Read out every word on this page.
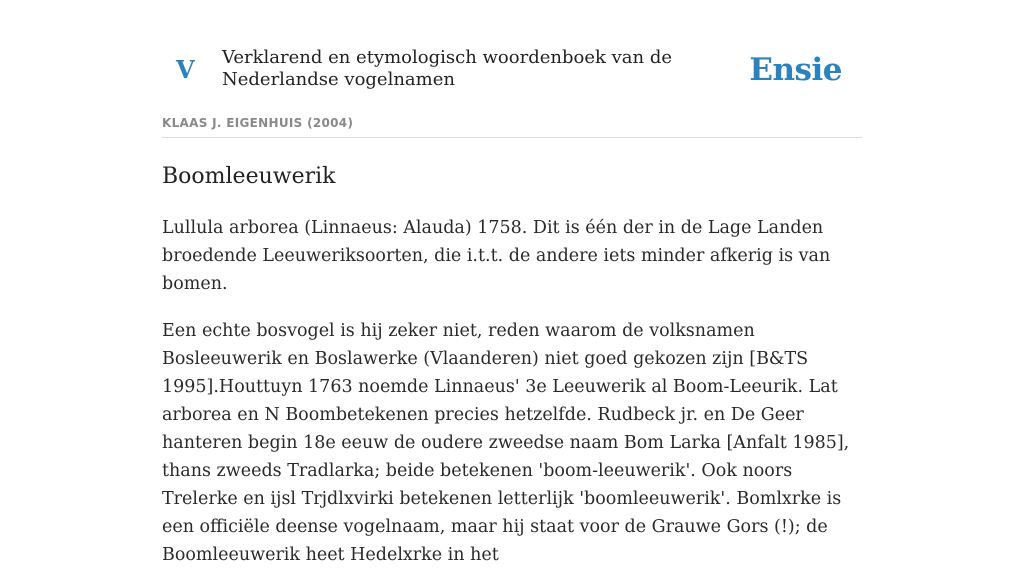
V Verklarend en etymologisch woordenboek van de Nederlandse vogelnamen	Ensie
KLAAS J. EIGENHUIS (2004)
Boomleeuwerik

Lullula arborea (Linnaeus: Alauda) 1758. Dit is één der in de Lage Landen broedende Leeuweriksoorten, die i.t.t. de andere iets minder afkerig is van bomen.

Een echte bosvogel is hij zeker niet, reden waarom de volksnamen Bosleeuwerik en Boslawerke (Vlaanderen) niet goed gekozen zijn [B&TS 1995].Houttuyn 1763 noemde Linnaeus' 3e Leeuwerik al Boom-Leeurik. Lat arborea en N Boombetekenen precies hetzelfde. Rudbeck jr. en De Geer hanteren begin 18e eeuw de oudere zweedse naam Bom Larka [Anfalt 1985], thans zweeds Tradlarka; beide betekenen 'boom-leeuwerik'. Ook noors Trelerke en ijsl Trjdlxvirki betekenen letterlijk 'boomleeuwerik'. Bomlxrke is een officiële deense vogelnaam, maar hij staat voor de Grauwe Gors (!); de Boomleeuwerik heet Hedelxrke in het
